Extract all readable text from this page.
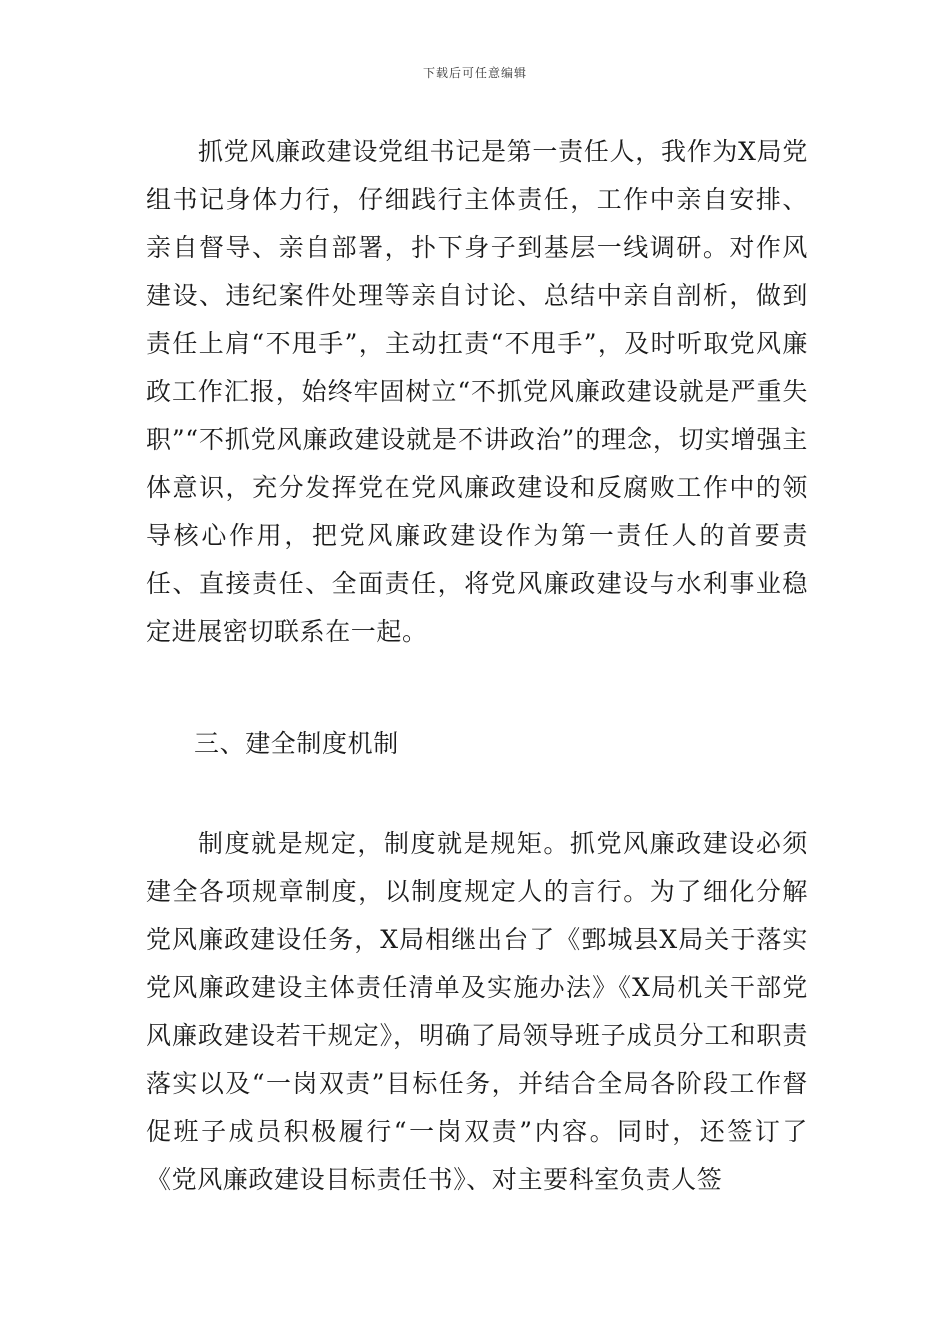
下载后可任意编辑

抓党风廉政建设党组书记是第一责任人，我作为X局党组书记身体力行，仔细践行主体责任，工作中亲自安排、亲自督导、亲自部署，扑下身子到基层一线调研。对作风建设、违纪案件处理等亲自讨论、总结中亲自剖析，做到责任上肩“不甩手”，主动扛责“不甩手”，及时听取党风廉政工作汇报，始终牢固树立“不抓党风廉政建设就是严重失职”“不抓党风廉政建设就是不讲政治”的理念，切实增强主体意识，充分发挥党在党风廉政建设和反腐败工作中的领导核心作用，把党风廉政建设作为第一责任人的首要责任、直接责任、全面责任，将党风廉政建设与水利事业稳定进展密切联系在一起。

三、建全制度机制

制度就是规定，制度就是规矩。抓党风廉政建设必须建全各项规章制度，以制度规定人的言行。为了细化分解党风廉政建设任务，X局相继出台了《鄄城县X局关于落实党风廉政建设主体责任清单及实施办法》《X局机关干部党风廉政建设若干规定》，明确了局领导班子成员分工和职责落实以及“一岗双责”目标任务，并结合全局各阶段工作督促班子成员积极履行“一岗双责”内容。同时，还签订了《党风廉政建设目标责任书》、对主要科室负责人签
